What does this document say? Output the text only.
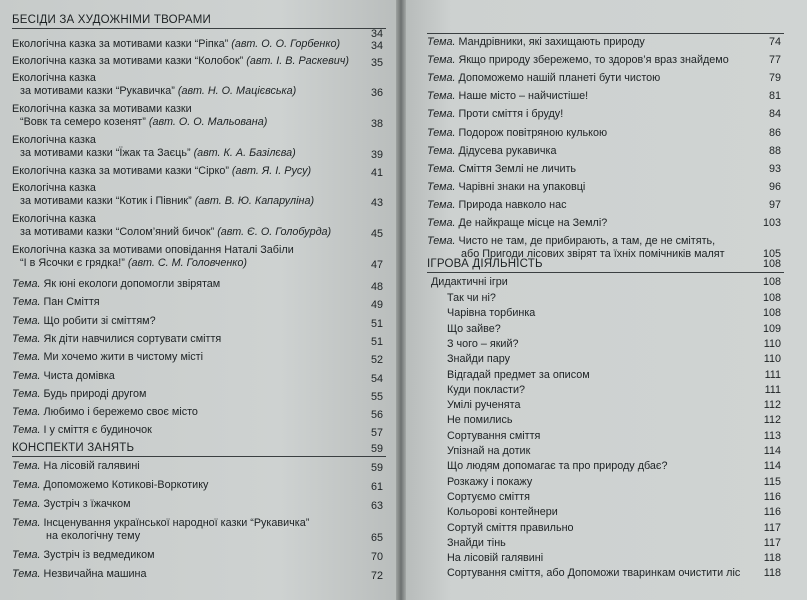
БЕСІДИ ЗА ХУДОЖНІМИ ТВОРАМИ
34
Екологічна казка за мотивами казки “Ріпка” (авт. О. О. Горбенко)	34
Екологічна казка за мотивами казки “Колобок” (авт. І. В. Раскевич)	35
Екологічна казка
за мотивами казки “Рукавичка” (авт. Н. О. Мацієвська)	36
Екологічна казка за мотивами казки
“Вовк та семеро козенят” (авт. О. О. Мальована)	38
Екологічна казка
за мотивами казки “Їжак та Заєць” (авт. К. А. Базілєва)	39
Екологічна казка за мотивами казки “Сірко” (авт. Я. І. Русу)	41
Екологічна казка
за мотивами казки “Котик і Півник” (авт. В. Ю. Капаруліна)	43
Екологічна казка
за мотивами казки “Солом’яний бичок” (авт. Є. О. Голобурда)	45
Екологічна казка за мотивами оповідання Наталі Забіли
“І в Ясочки є грядка!” (авт. С. М. Головченко)	47
Тема. Як юні екологи допомогли звірятам	48
Тема. Пан Сміття	49
Тема. Що робити зі сміттям?	51
Тема. Як діти навчилися сортувати сміття	51
Тема. Ми хочемо жити в чистому місті	52
Тема. Чиста домівка	54
Тема. Будь природі другом	55
Тема. Любимо і бережемо своє місто	56
Тема. І у сміття є будиночок	57
КОНСПЕКТИ ЗАНЯТЬ	59
Тема. На лісовій галявині	59
Тема. Допоможемо Котикові-Воркотику	61
Тема. Зустріч з їжачком	63
Тема. Інсценування української народної казки “Рукавичка”
на екологічну тему	65
Тема. Зустріч із ведмедиком	70
Тема. Незвичайна машина	72
Тема. Мандрівники, які захищають природу	74
Тема. Якщо природу збережемо, то здоров’я враз знайдемо	77
Тема. Допоможемо нашій планеті бути чистою	79
Тема. Наше місто – найчистіше!	81
Тема. Проти сміття і бруду!	84
Тема. Подорож повітряною кулькою	86
Тема. Дідусева рукавичка	88
Тема. Сміття Землі не личить	93
Тема. Чарівні знаки на упаковці	96
Тема. Природа навколо нас	97
Тема. Де найкраще місце на Землі?	103
Тема. Чисто не там, де прибирають, а там, де не смітять,
або Пригоди лісових звірят та їхніх помічників малят	105
ІГРОВА ДІЯЛЬНІСТЬ	108
Дидактичні ігри	108
Так чи ні?	108
Чарівна торбинка	108
Що зайве?	109
З чого – який?	110
Знайди пару	110
Відгадай предмет за описом	111
Куди покласти?	111
Умілі рученята	112
Не помились	112
Сортування сміття	113
Упізнай на дотик	114
Що людям допомагає та про природу дбає?	114
Розкажу і покажу	115
Сортуємо сміття	116
Кольорові контейнери	116
Сортуй сміття правильно	117
Знайди тінь	117
На лісовій галявині	118
Сортування сміття, або Допоможи тваринкам очистити ліс	118
